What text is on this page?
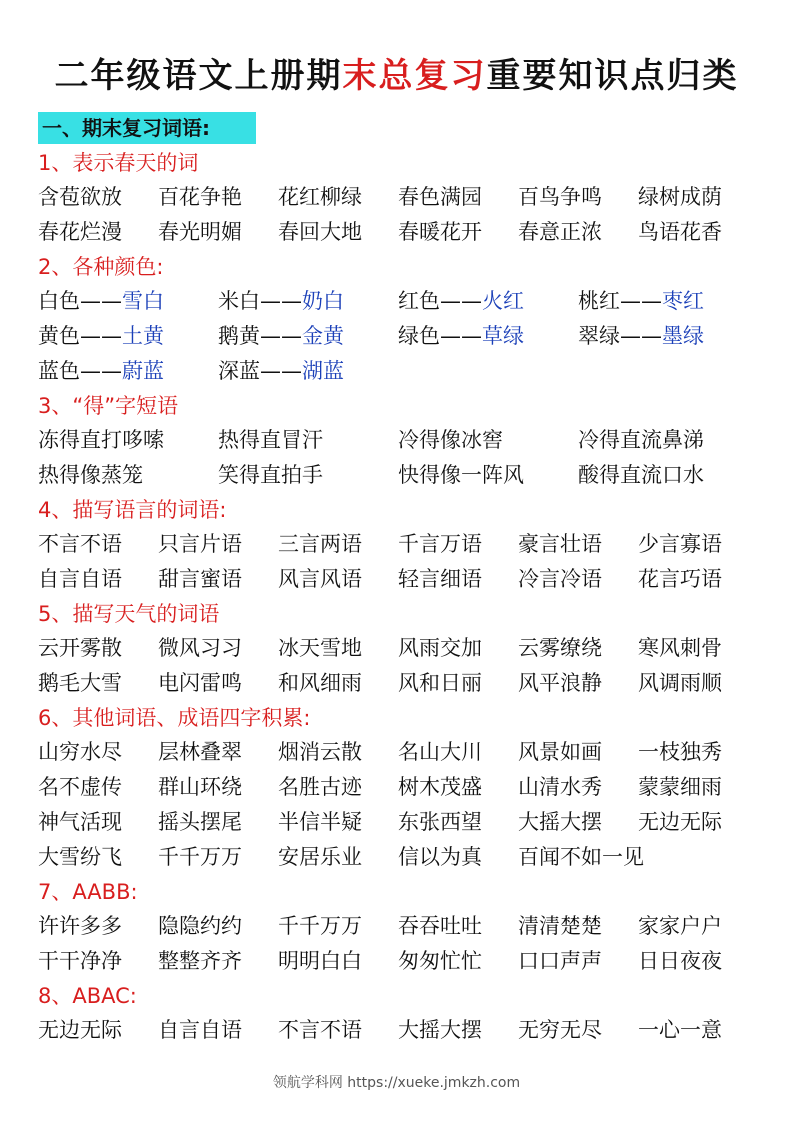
二年级语文上册期末总复习重要知识点归类
一、期末复习词语:
1、表示春天的词
含苞欲放	百花争艳	花红柳绿	春色满园	百鸟争鸣	绿树成荫
春花烂漫	春光明媚	春回大地	春暖花开	春意正浓	鸟语花香
2、各种颜色:
白色——雪白	米白——奶白	红色——火红	桃红——枣红
黄色——土黄	鹅黄——金黄	绿色——草绿	翠绿——墨绿
蓝色——蔚蓝	深蓝——湖蓝
3、“得”字短语
冻得直打哆嗦	热得直冒汗	冷得像冰窖	冷得直流鼻涕
热得像蒸笼	笑得直拍手	快得像一阵风	酸得直流口水
4、描写语言的词语:
不言不语	只言片语	三言两语	千言万语	豪言壮语	少言寡语
自言自语	甜言蜜语	风言风语	轻言细语	冷言冷语	花言巧语
5、描写天气的词语
云开雾散	微风习习	冰天雪地	风雨交加	云雾缭绕	寒风刺骨
鹅毛大雪	电闪雷鸣	和风细雨	风和日丽	风平浪静	风调雨顺
6、其他词语、成语四字积累:
山穷水尽	层林叠翠	烟消云散	名山大川	风景如画	一枝独秀
名不虚传	群山环绕	名胜古迹	树木茂盛	山清水秀	蒙蒙细雨
神气活现	摇头摆尾	半信半疑	东张西望	大摇大摆	无边无际
大雪纷飞	千千万万	安居乐业	信以为真	百闻不如一见
7、AABB:
许许多多	隐隐约约	千千万万	吞吞吐吐	清清楚楚	家家户户
干干净净	整整齐齐	明明白白	匆匆忙忙	口口声声	日日夜夜
8、ABAC:
无边无际	自言自语	不言不语	大摇大摆	无穷无尽	一心一意
领航学科网 https://xueke.jmkzh.com
